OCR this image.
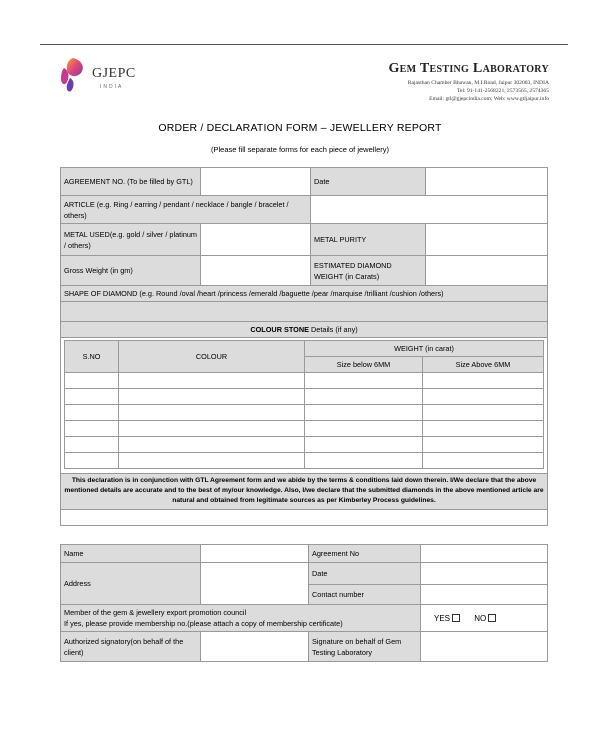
GJEPC
INDIA
Gem Testing Laboratory
Rajasthan Chamber Bhawan, M.I.Road, Jaipur 302003, INDIA
Tel: 91-141-2568221, 2573565, 2574365
Email: gtl@gjepcindia.com; Web: www.gtljaipur.info
ORDER / DECLARATION FORM – JEWELLERY REPORT
(Please fill separate forms for each piece of jewellery)
AGREEMENT NO. (To be filled by GTL)		Date	
ARTICLE (e.g. Ring / earring / pendant / necklace / bangle / bracelet / others)			
METAL USED(e.g. gold / silver / platinum / others)		METAL PURITY	
Gross Weight (in gm)		ESTIMATED DIAMOND WEIGHT (in Carats)	
SHAPE OF DIAMOND (e.g. Round /oval /heart /princess /emerald /baguette /pear /marquise /trilliant /cushion /others)			

COLOUR STONE Details (if any)
S.NO	COLOUR	WEIGHT (in carat)	
		Size below 6MM	Size Above 6MM

This declaration is in conjunction with GTL Agreement form and we abide by the terms & conditions laid down therein. I/We declare that the above mentioned details are accurate and to the best of my/our knowledge. Also, I/we declare that the submitted diamonds in the above mentioned article are natural and obtained from legitimate sources as per Kimberley Process guidelines.

Name		Agreement No	
Address		Date	
		Contact number	

Member of the gem & jewellery export promotion council
If yes, please provide membership no.(please attach a copy of membership certificate)			YES NO
Authorized signatory(on behalf of the client)		Signature on behalf of Gem Testing Laboratory	
